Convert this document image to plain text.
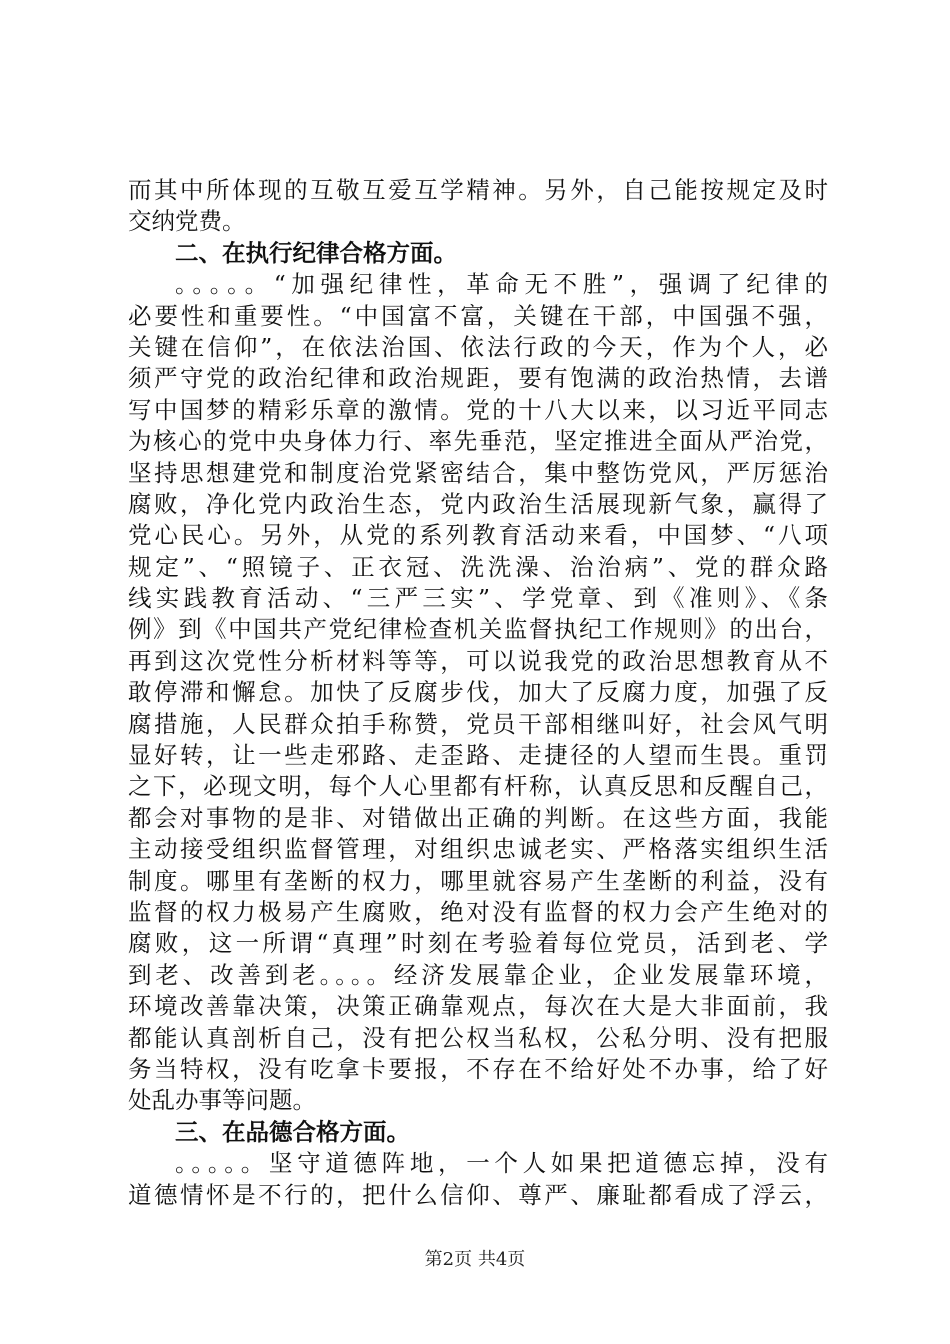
而其中所体现的互敬互爱互学精神。另外，自己能按规定及时
交纳党费。
二、在执行纪律合格方面。
。。。。。“加强纪律性，革命无不胜”，强调了纪律的
必要性和重要性。“中国富不富，关键在干部，中国强不强，
关键在信仰”，在依法治国、依法行政的今天，作为个人，必
须严守党的政治纪律和政治规距，要有饱满的政治热情，去谱
写中国梦的精彩乐章的激情。党的十八大以来，以习近平同志
为核心的党中央身体力行、率先垂范，坚定推进全面从严治党，
坚持思想建党和制度治党紧密结合，集中整饬党风，严厉惩治
腐败，净化党内政治生态，党内政治生活展现新气象，赢得了
党心民心。另外，从党的系列教育活动来看，中国梦、“八项
规定”、“照镜子、正衣冠、洗洗澡、治治病”、党的群众路
线实践教育活动、“三严三实”、学党章、到《准则》、《条
例》到《中国共产党纪律检查机关监督执纪工作规则》的出台，
再到这次党性分析材料等等，可以说我党的政治思想教育从不
敢停滞和懈怠。加快了反腐步伐，加大了反腐力度，加强了反
腐措施，人民群众拍手称赞，党员干部相继叫好，社会风气明
显好转，让一些走邪路、走歪路、走捷径的人望而生畏。重罚
之下，必现文明，每个人心里都有杆称，认真反思和反醒自己，
都会对事物的是非、对错做出正确的判断。在这些方面，我能
主动接受组织监督管理，对组织忠诚老实、严格落实组织生活
制度。哪里有垄断的权力，哪里就容易产生垄断的利益，没有
监督的权力极易产生腐败，绝对没有监督的权力会产生绝对的
腐败，这一所谓“真理”时刻在考验着每位党员，活到老、学
到老、改善到老。。。。经济发展靠企业，企业发展靠环境，
环境改善靠决策，决策正确靠观点，每次在大是大非面前，我
都能认真剖析自己，没有把公权当私权，公私分明、没有把服
务当特权，没有吃拿卡要报，不存在不给好处不办事，给了好
处乱办事等问题。
三、在品德合格方面。
。。。。。坚守道德阵地，一个人如果把道德忘掉，没有
道德情怀是不行的，把什么信仰、尊严、廉耻都看成了浮云，
第2页 共4页
